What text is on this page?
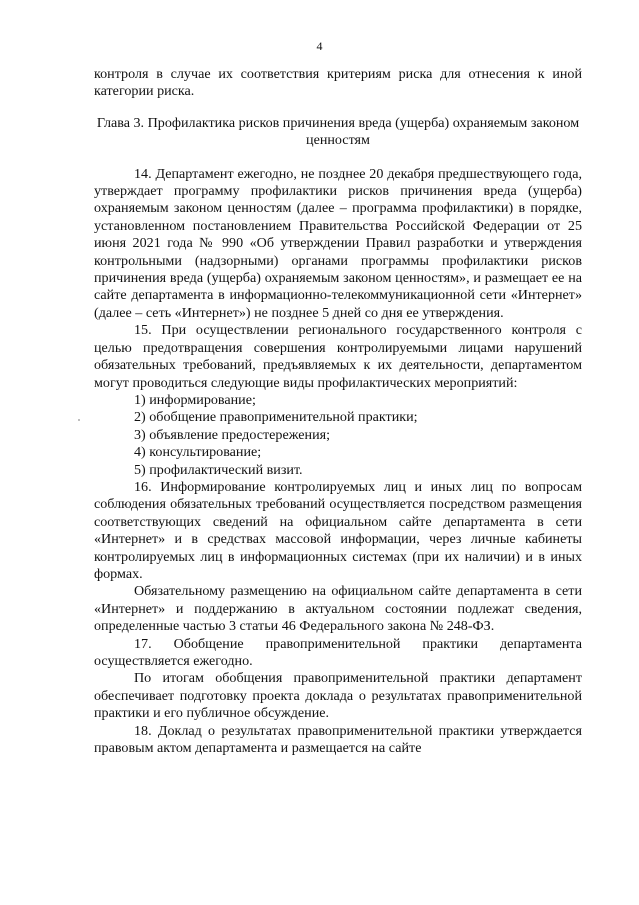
4

контроля в случае их соответствия критериям риска для отнесения к иной категории риска.

Глава 3. Профилактика рисков причинения вреда (ущерба) охраняемым законом ценностям

14. Департамент ежегодно, не позднее 20 декабря предшествующего года, утверждает программу профилактики рисков причинения вреда (ущерба) охраняемым законом ценностям (далее – программа профилактики) в порядке, установленном постановлением Правительства Российской Федерации от 25 июня 2021 года № 990 «Об утверждении Правил разработки и утверждения контрольными (надзорными) органами программы профилактики рисков причинения вреда (ущерба) охраняемым законом ценностям», и размещает ее на сайте департамента в информационно-телекоммуникационной сети «Интернет» (далее – сеть «Интернет») не позднее 5 дней со дня ее утверждения.

15. При осуществлении регионального государственного контроля с целью предотвращения совершения контролируемыми лицами нарушений обязательных требований, предъявляемых к их деятельности, департаментом могут проводиться следующие виды профилактических мероприятий:

1) информирование;

2) обобщение правоприменительной практики;

3) объявление предостережения;

4) консультирование;

5) профилактический визит.

16. Информирование контролируемых лиц и иных лиц по вопросам соблюдения обязательных требований осуществляется посредством размещения соответствующих сведений на официальном сайте департамента в сети «Интернет» и в средствах массовой информации, через личные кабинеты контролируемых лиц в информационных системах (при их наличии) и в иных формах.

Обязательному размещению на официальном сайте департамента в сети «Интернет» и поддержанию в актуальном состоянии подлежат сведения, определенные частью 3 статьи 46 Федерального закона № 248-ФЗ.

17. Обобщение правоприменительной практики департамента осуществляется ежегодно.

По итогам обобщения правоприменительной практики департамент обеспечивает подготовку проекта доклада о результатах правоприменительной практики и его публичное обсуждение.

18. Доклад о результатах правоприменительной практики утверждается правовым актом департамента и размещается на сайте
